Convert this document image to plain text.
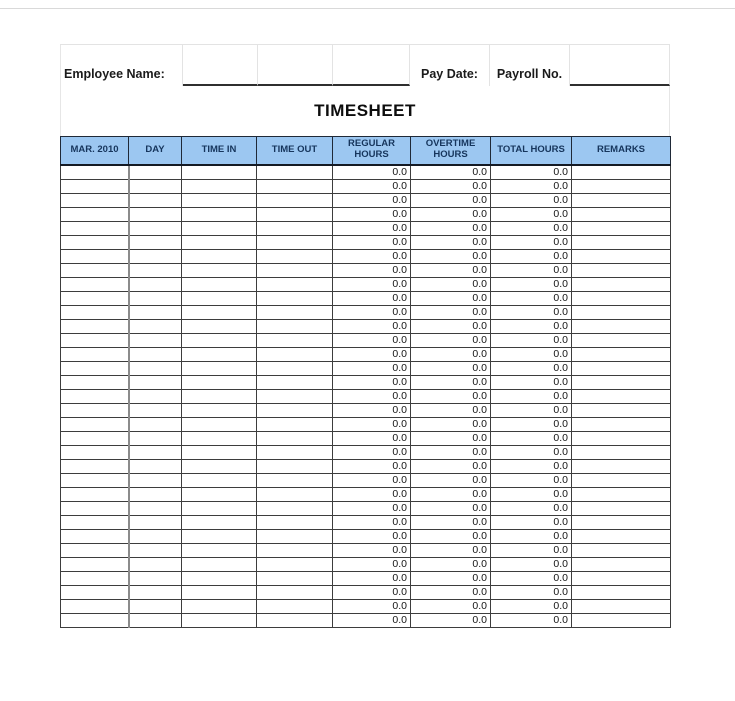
Employee Name:	Pay Date: Payroll No.
TIMESHEET
MAR. 2010	DAY	TIME IN	TIME OUT	REGULAR HOURS	OVERTIME HOURS	TOTAL HOURS	REMARKS
				0.0	0.0	0.0	
				0.0	0.0	0.0	
				0.0	0.0	0.0	
				0.0	0.0	0.0	
				0.0	0.0	0.0	
				0.0	0.0	0.0	
				0.0	0.0	0.0	
				0.0	0.0	0.0	
				0.0	0.0	0.0	
				0.0	0.0	0.0	
				0.0	0.0	0.0	
				0.0	0.0	0.0	
				0.0	0.0	0.0	
				0.0	0.0	0.0	
				0.0	0.0	0.0	
				0.0	0.0	0.0	
				0.0	0.0	0.0	
				0.0	0.0	0.0	
				0.0	0.0	0.0	
				0.0	0.0	0.0	
				0.0	0.0	0.0	
				0.0	0.0	0.0	
				0.0	0.0	0.0	
				0.0	0.0	0.0	
				0.0	0.0	0.0	
				0.0	0.0	0.0	
				0.0	0.0	0.0	
				0.0	0.0	0.0	
				0.0	0.0	0.0	
				0.0	0.0	0.0	
				0.0	0.0	0.0	
				0.0	0.0	0.0	
				0.0	0.0	0.0	
